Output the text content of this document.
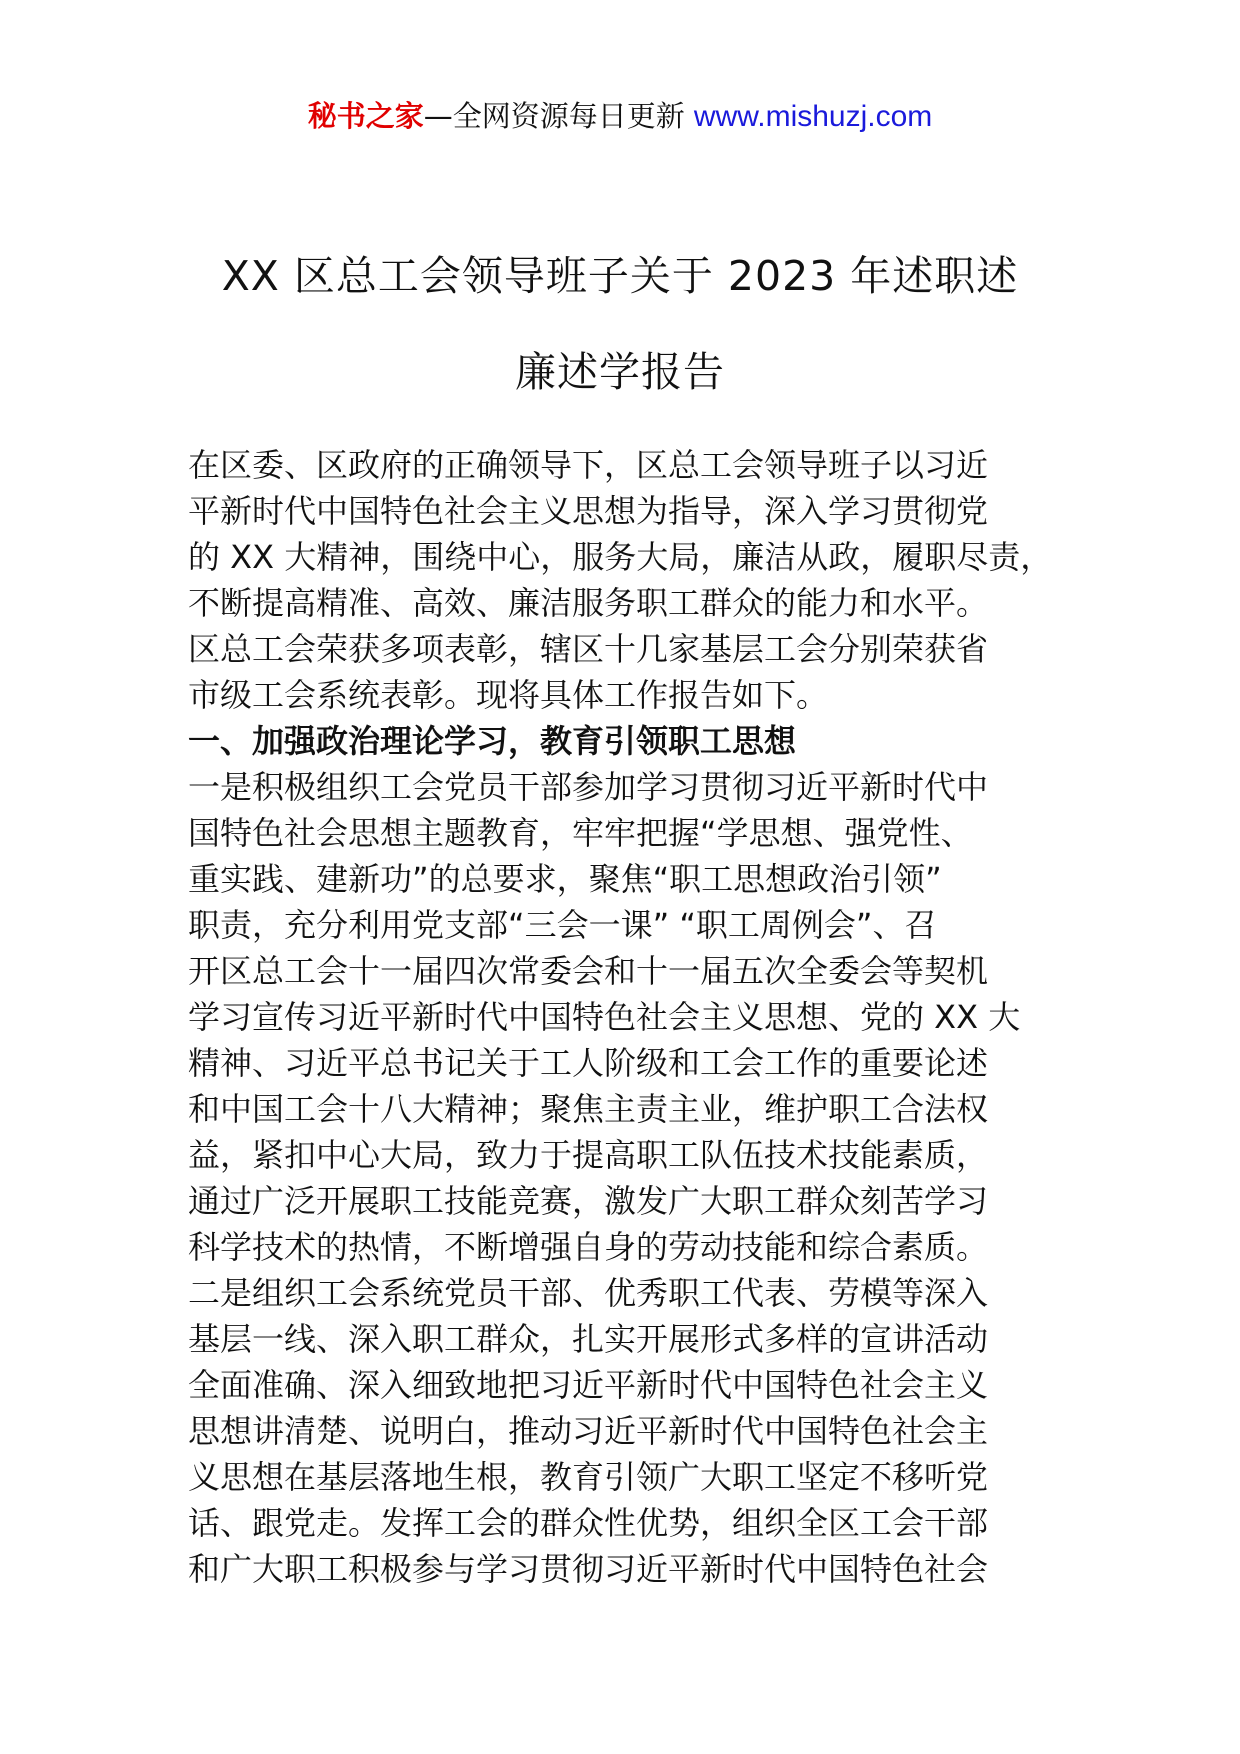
秘书之家—全网资源每日更新 www.mishuzj.com
XX 区总工会领导班子关于 2023 年述职述
廉述学报告
在区委、区政府的正确领导下，区总工会领导班子以习近
平新时代中国特色社会主义思想为指导，深入学习贯彻党
的 XX 大精神，围绕中心，服务大局，廉洁从政，履职尽责，
不断提高精准、高效、廉洁服务职工群众的能力和水平。
区总工会荣获多项表彰，辖区十几家基层工会分别荣获省
市级工会系统表彰。现将具体工作报告如下。
一、加强政治理论学习，教育引领职工思想
一是积极组织工会党员干部参加学习贯彻习近平新时代中
国特色社会思想主题教育，牢牢把握“学思想、强党性、
重实践、建新功”的总要求，聚焦“职工思想政治引领”
职责，充分利用党支部“三会一课” “职工周例会”、召
开区总工会十一届四次常委会和十一届五次全委会等契机
学习宣传习近平新时代中国特色社会主义思想、党的 XX 大
精神、习近平总书记关于工人阶级和工会工作的重要论述
和中国工会十八大精神；聚焦主责主业，维护职工合法权
益，紧扣中心大局，致力于提高职工队伍技术技能素质，
通过广泛开展职工技能竞赛，激发广大职工群众刻苦学习
科学技术的热情，不断增强自身的劳动技能和综合素质。
二是组织工会系统党员干部、优秀职工代表、劳模等深入
基层一线、深入职工群众，扎实开展形式多样的宣讲活动
全面准确、深入细致地把习近平新时代中国特色社会主义
思想讲清楚、说明白，推动习近平新时代中国特色社会主
义思想在基层落地生根，教育引领广大职工坚定不移听党
话、跟党走。发挥工会的群众性优势，组织全区工会干部
和广大职工积极参与学习贯彻习近平新时代中国特色社会
